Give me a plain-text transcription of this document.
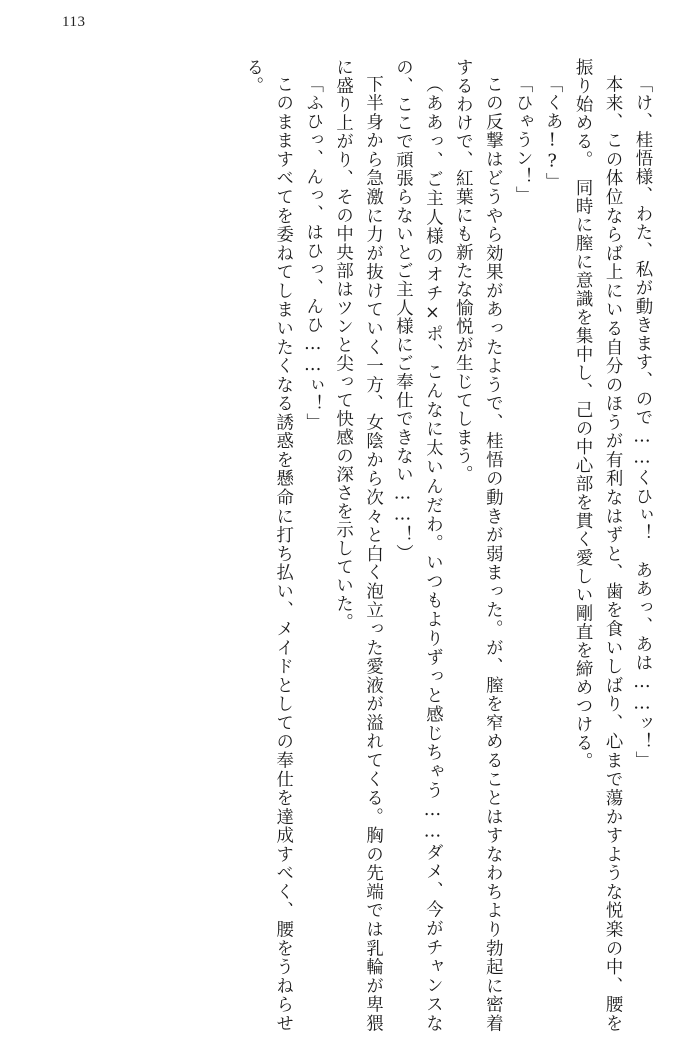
113

「け、桂悟様、わた、私が動きます、ので……くひぃ！　ああっ、あは……ッ！」

本来、この体位ならば上にいる自分のほうが有利なはずと、歯を食いしばり、心まで蕩かすような悦楽の中、腰を振り始める。　同時に膣に意識を集中し、己の中心部を貫く愛しい剛直を締めつける。

「くあ!?」

「ひゃうン！」

この反撃はどうやら効果があったようで、桂悟の動きが弱まった。が、膣を窄めることはすなわちより勃起に密着するわけで、紅葉にも新たな愉悦が生じてしまう。

（ああっ、ご主人様のオチ×ポ、こんなに太いんだわ。いつもよりずっと感じちゃう……ダメ、今がチャンスなの、ここで頑張らないとご主人様にご奉仕できない……！）

下半身から急激に力が抜けていく一方、女陰から次々と白く泡立った愛液が溢れてくる。胸の先端では乳輪が卑猥に盛り上がり、その中央部はツンと尖って快感の深さを示していた。

「ふひっ、んっ、はひっ、んひ……ぃ！」

このまますべてを委ねてしまいたくなる誘惑を懸命に打ち払い、メイドとしての奉仕を達成すべく、腰をうねらせる。
